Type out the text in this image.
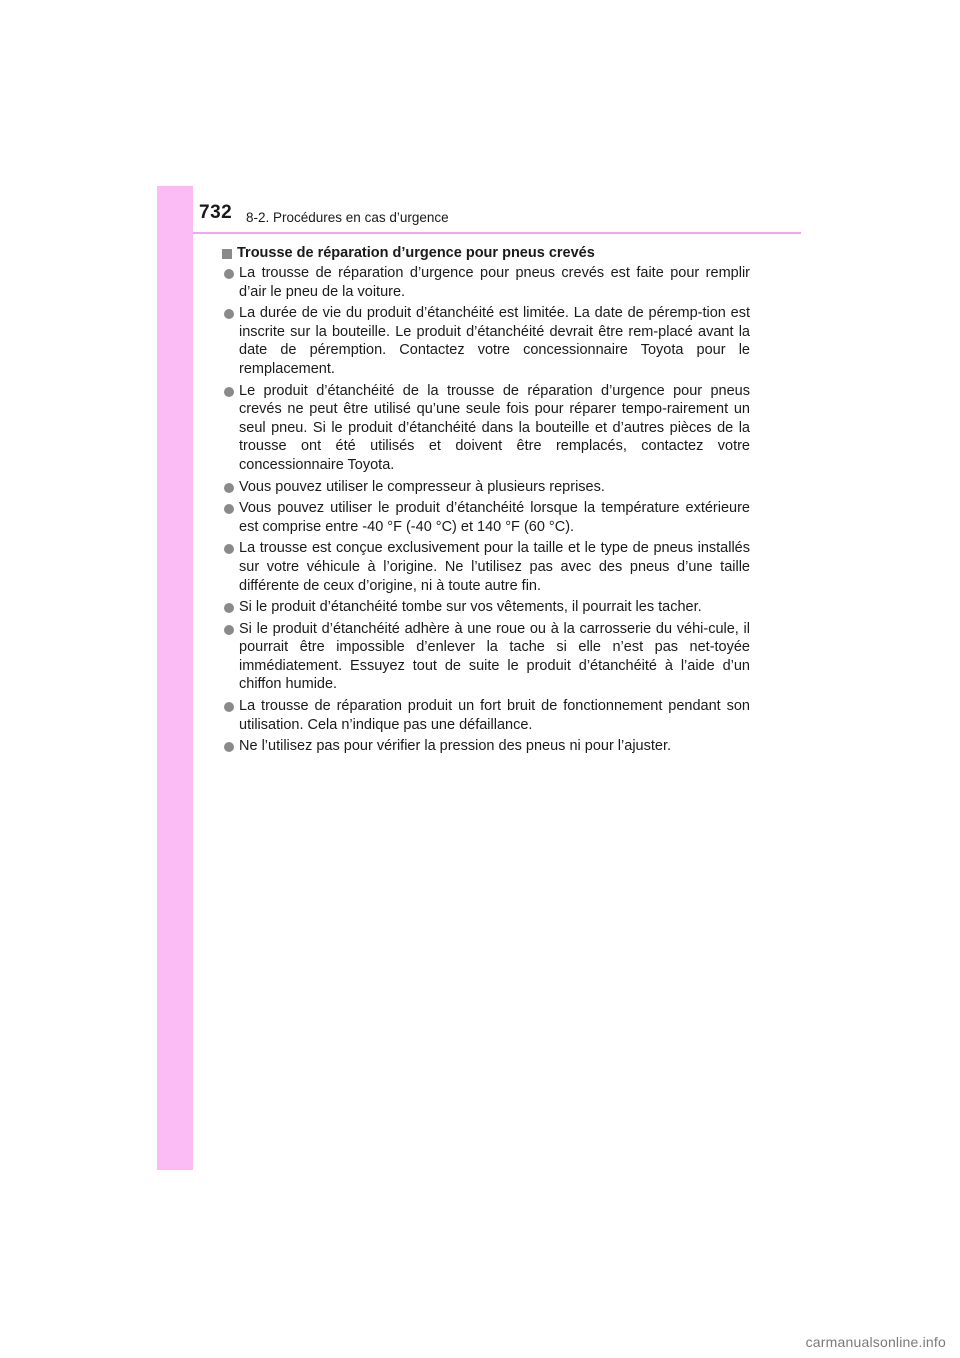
732 8-2. Procédures en cas d’urgence
Trousse de réparation d’urgence pour pneus crevés
La trousse de réparation d’urgence pour pneus crevés est faite pour remplir d’air le pneu de la voiture.
La durée de vie du produit d’étanchéité est limitée. La date de péremp-tion est inscrite sur la bouteille. Le produit d’étanchéité devrait être rem-placé avant la date de péremption. Contactez votre concessionnaire Toyota pour le remplacement.
Le produit d’étanchéité de la trousse de réparation d’urgence pour pneus crevés ne peut être utilisé qu’une seule fois pour réparer tempo-rairement un seul pneu. Si le produit d’étanchéité dans la bouteille et d’autres pièces de la trousse ont été utilisés et doivent être remplacés, contactez votre concessionnaire Toyota.
Vous pouvez utiliser le compresseur à plusieurs reprises.
Vous pouvez utiliser le produit d’étanchéité lorsque la température extérieure est comprise entre -40 °F (-40 °C) et 140 °F (60 °C).
La trousse est conçue exclusivement pour la taille et le type de pneus installés sur votre véhicule à l’origine. Ne l’utilisez pas avec des pneus d’une taille différente de ceux d’origine, ni à toute autre fin.
Si le produit d’étanchéité tombe sur vos vêtements, il pourrait les tacher.
Si le produit d’étanchéité adhère à une roue ou à la carrosserie du véhi-cule, il pourrait être impossible d’enlever la tache si elle n’est pas net-toyée immédiatement. Essuyez tout de suite le produit d’étanchéité à l’aide d’un chiffon humide.
La trousse de réparation produit un fort bruit de fonctionnement pendant son utilisation. Cela n’indique pas une défaillance.
Ne l’utilisez pas pour vérifier la pression des pneus ni pour l’ajuster.
carmanualsonline.info
